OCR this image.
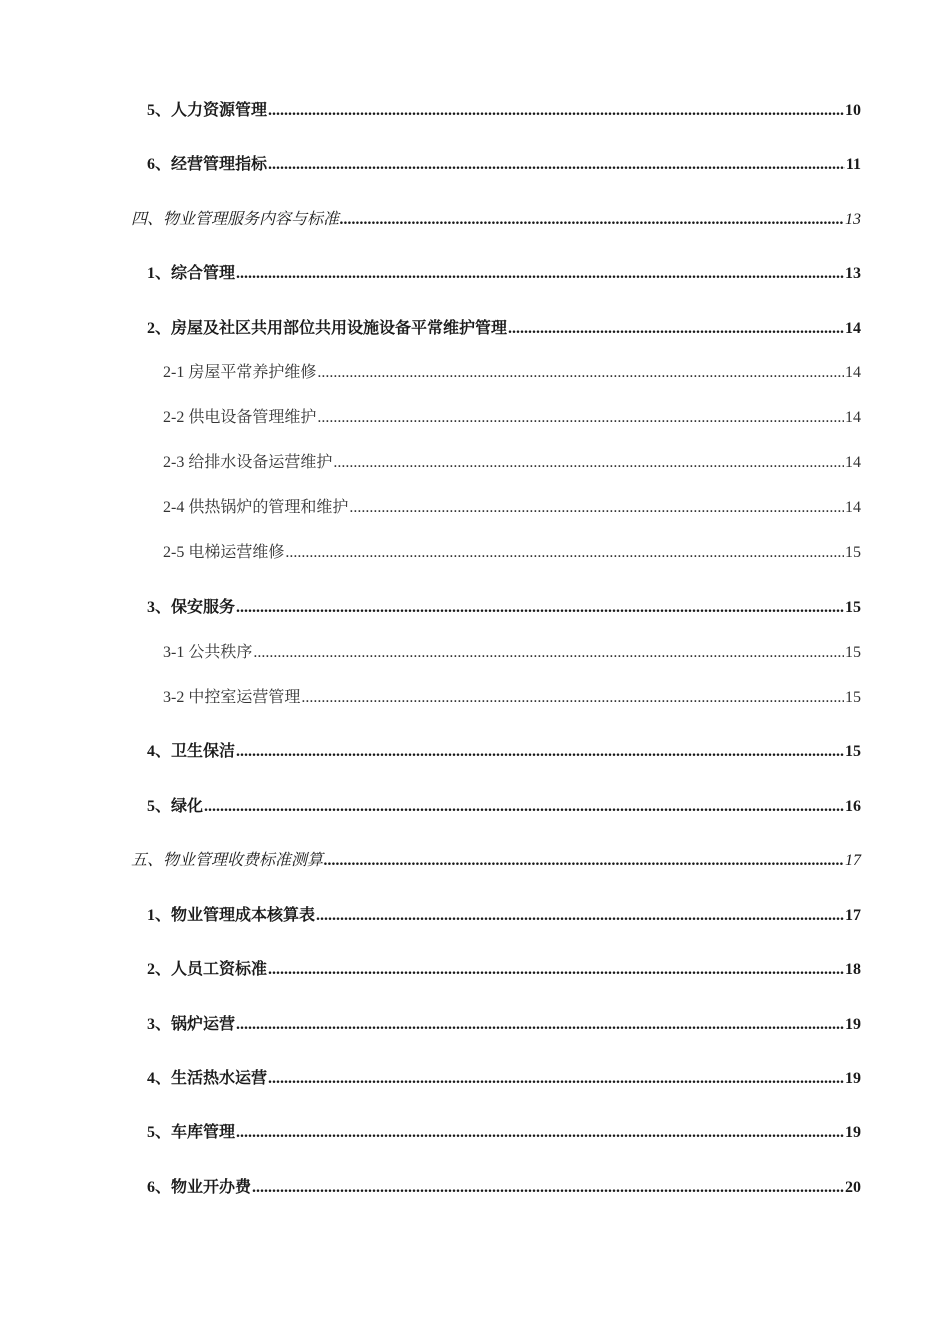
5、人力资源管理 .....	10
6、经营管理指标 .....	11
四、物业管理服务内容与标准 .....	13
1、综合管理 .....	13
2、房屋及社区共用部位共用设施设备平常维护管理 .....	14
2-1 房屋平常养护维修 .....	14
2-2 供电设备管理维护 .....	14
2-3 给排水设备运营维护 .....	14
2-4 供热锅炉的管理和维护 .....	14
2-5 电梯运营维修 .....	15
3、保安服务 .....	15
3-1 公共秩序 .....	15
3-2 中控室运营管理 .....	15
4、卫生保洁 .....	15
5、绿化 .....	16
五、物业管理收费标准测算 .....	17
1、物业管理成本核算表 .....	17
2、人员工资标准 .....	18
3、锅炉运营 .....	19
4、生活热水运营 .....	19
5、车库管理 .....	19
6、物业开办费 .....	20
